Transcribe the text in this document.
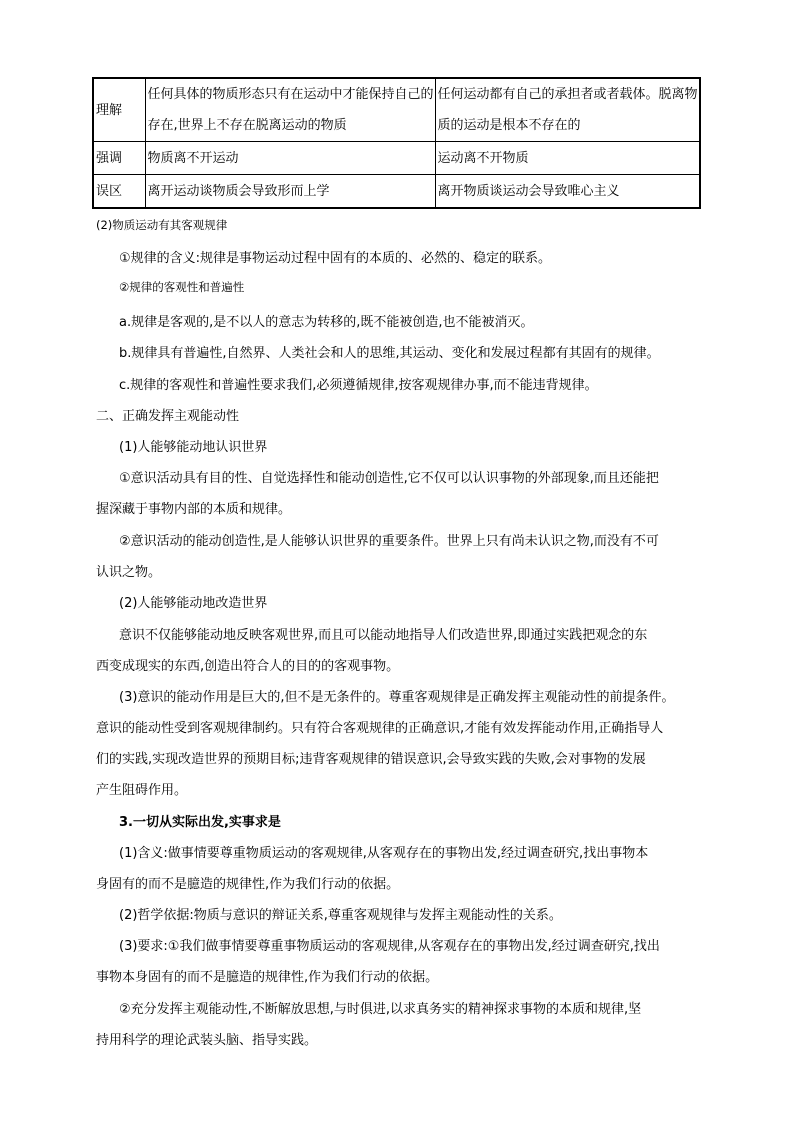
理解	任何具体的物质形态只有在运动中才能保持自己的存在,世界上不存在脱离运动的物质	任何运动都有自己的承担者或者载体。脱离物质的运动是根本不存在的
强调	物质离不开运动	运动离不开物质
误区	离开运动谈物质会导致形而上学	离开物质谈运动会导致唯心主义
(2)物质运动有其客观规律
①规律的含义:规律是事物运动过程中固有的本质的、必然的、稳定的联系。
②规律的客观性和普遍性
a.规律是客观的,是不以人的意志为转移的,既不能被创造,也不能被消灭。
b.规律具有普遍性,自然界、人类社会和人的思维,其运动、变化和发展过程都有其固有的规律。
c.规律的客观性和普遍性要求我们,必须遵循规律,按客观规律办事,而不能违背规律。
二、正确发挥主观能动性
(1)人能够能动地认识世界
①意识活动具有目的性、自觉选择性和能动创造性,它不仅可以认识事物的外部现象,而且还能把
握深藏于事物内部的本质和规律。
②意识活动的能动创造性,是人能够认识世界的重要条件。世界上只有尚未认识之物,而没有不可
认识之物。
(2)人能够能动地改造世界
意识不仅能够能动地反映客观世界,而且可以能动地指导人们改造世界,即通过实践把观念的东
西变成现实的东西,创造出符合人的目的的客观事物。
(3)意识的能动作用是巨大的,但不是无条件的。尊重客观规律是正确发挥主观能动性的前提条件。
意识的能动性受到客观规律制约。只有符合客观规律的正确意识,才能有效发挥能动作用,正确指导人
们的实践,实现改造世界的预期目标;违背客观规律的错误意识,会导致实践的失败,会对事物的发展
产生阻碍作用。
3.一切从实际出发,实事求是
(1)含义:做事情要尊重物质运动的客观规律,从客观存在的事物出发,经过调查研究,找出事物本
身固有的而不是臆造的规律性,作为我们行动的依据。
(2)哲学依据:物质与意识的辩证关系,尊重客观规律与发挥主观能动性的关系。
(3)要求:①我们做事情要尊重事物质运动的客观规律,从客观存在的事物出发,经过调查研究,找出
事物本身固有的而不是臆造的规律性,作为我们行动的依据。
②充分发挥主观能动性,不断解放思想,与时俱进,以求真务实的精神探求事物的本质和规律,坚
持用科学的理论武装头脑、指导实践。
